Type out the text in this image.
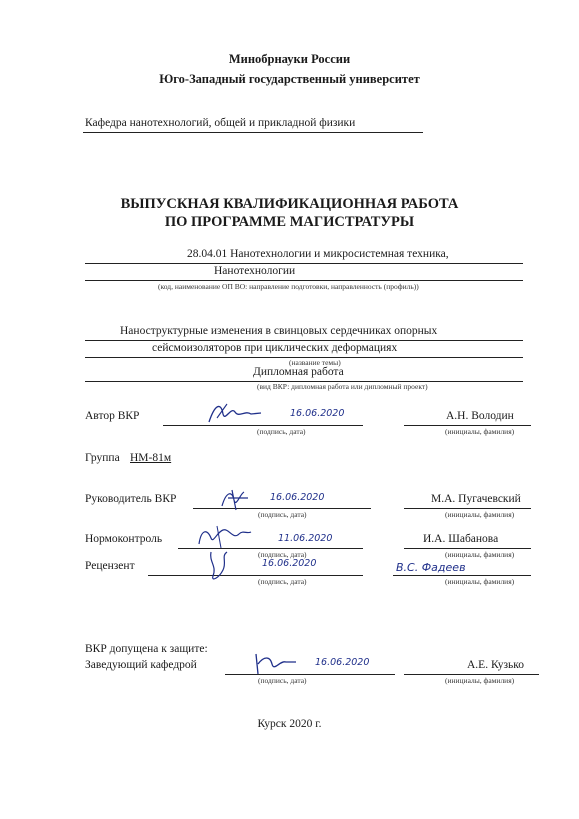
Минобрнауки России
Юго-Западный государственный университет
Кафедра нанотехнологий, общей и прикладной физики
ВЫПУСКНАЯ КВАЛИФИКАЦИОННАЯ РАБОТА
ПО ПРОГРАММЕ МАГИСТРАТУРЫ
28.04.01 Нанотехнологии и микросистемная техника,
Нанотехнологии
(код, наименование ОП ВО: направление подготовки, направленность (профиль))
Наноструктурные изменения в свинцовых сердечниках опорных
сейсмоизоляторов при циклических деформациях
(название темы)
Дипломная работа
(вид ВКР: дипломная работа или дипломный проект)
Автор ВКР	16.06.2020
(подпись, дата)
А.Н. Володин
(инициалы, фамилия)
Группа НМ-81м
Руководитель ВКР	16.06.2020
(подпись, дата)
М.А. Пугачевский
(инициалы, фамилия)
Нормоконтроль	11.06.2020
(подпись, дата)
И.А. Шабанова
(инициалы, фамилия)
Рецензент	16.06.2020
(подпись, дата)
В.С. Фадеев
(инициалы, фамилия)
ВКР допущена к защите:
Заведующий кафедрой	16.06.2020
(подпись, дата)
А.Е. Кузько
(инициалы, фамилия)
Курск 2020 г.
